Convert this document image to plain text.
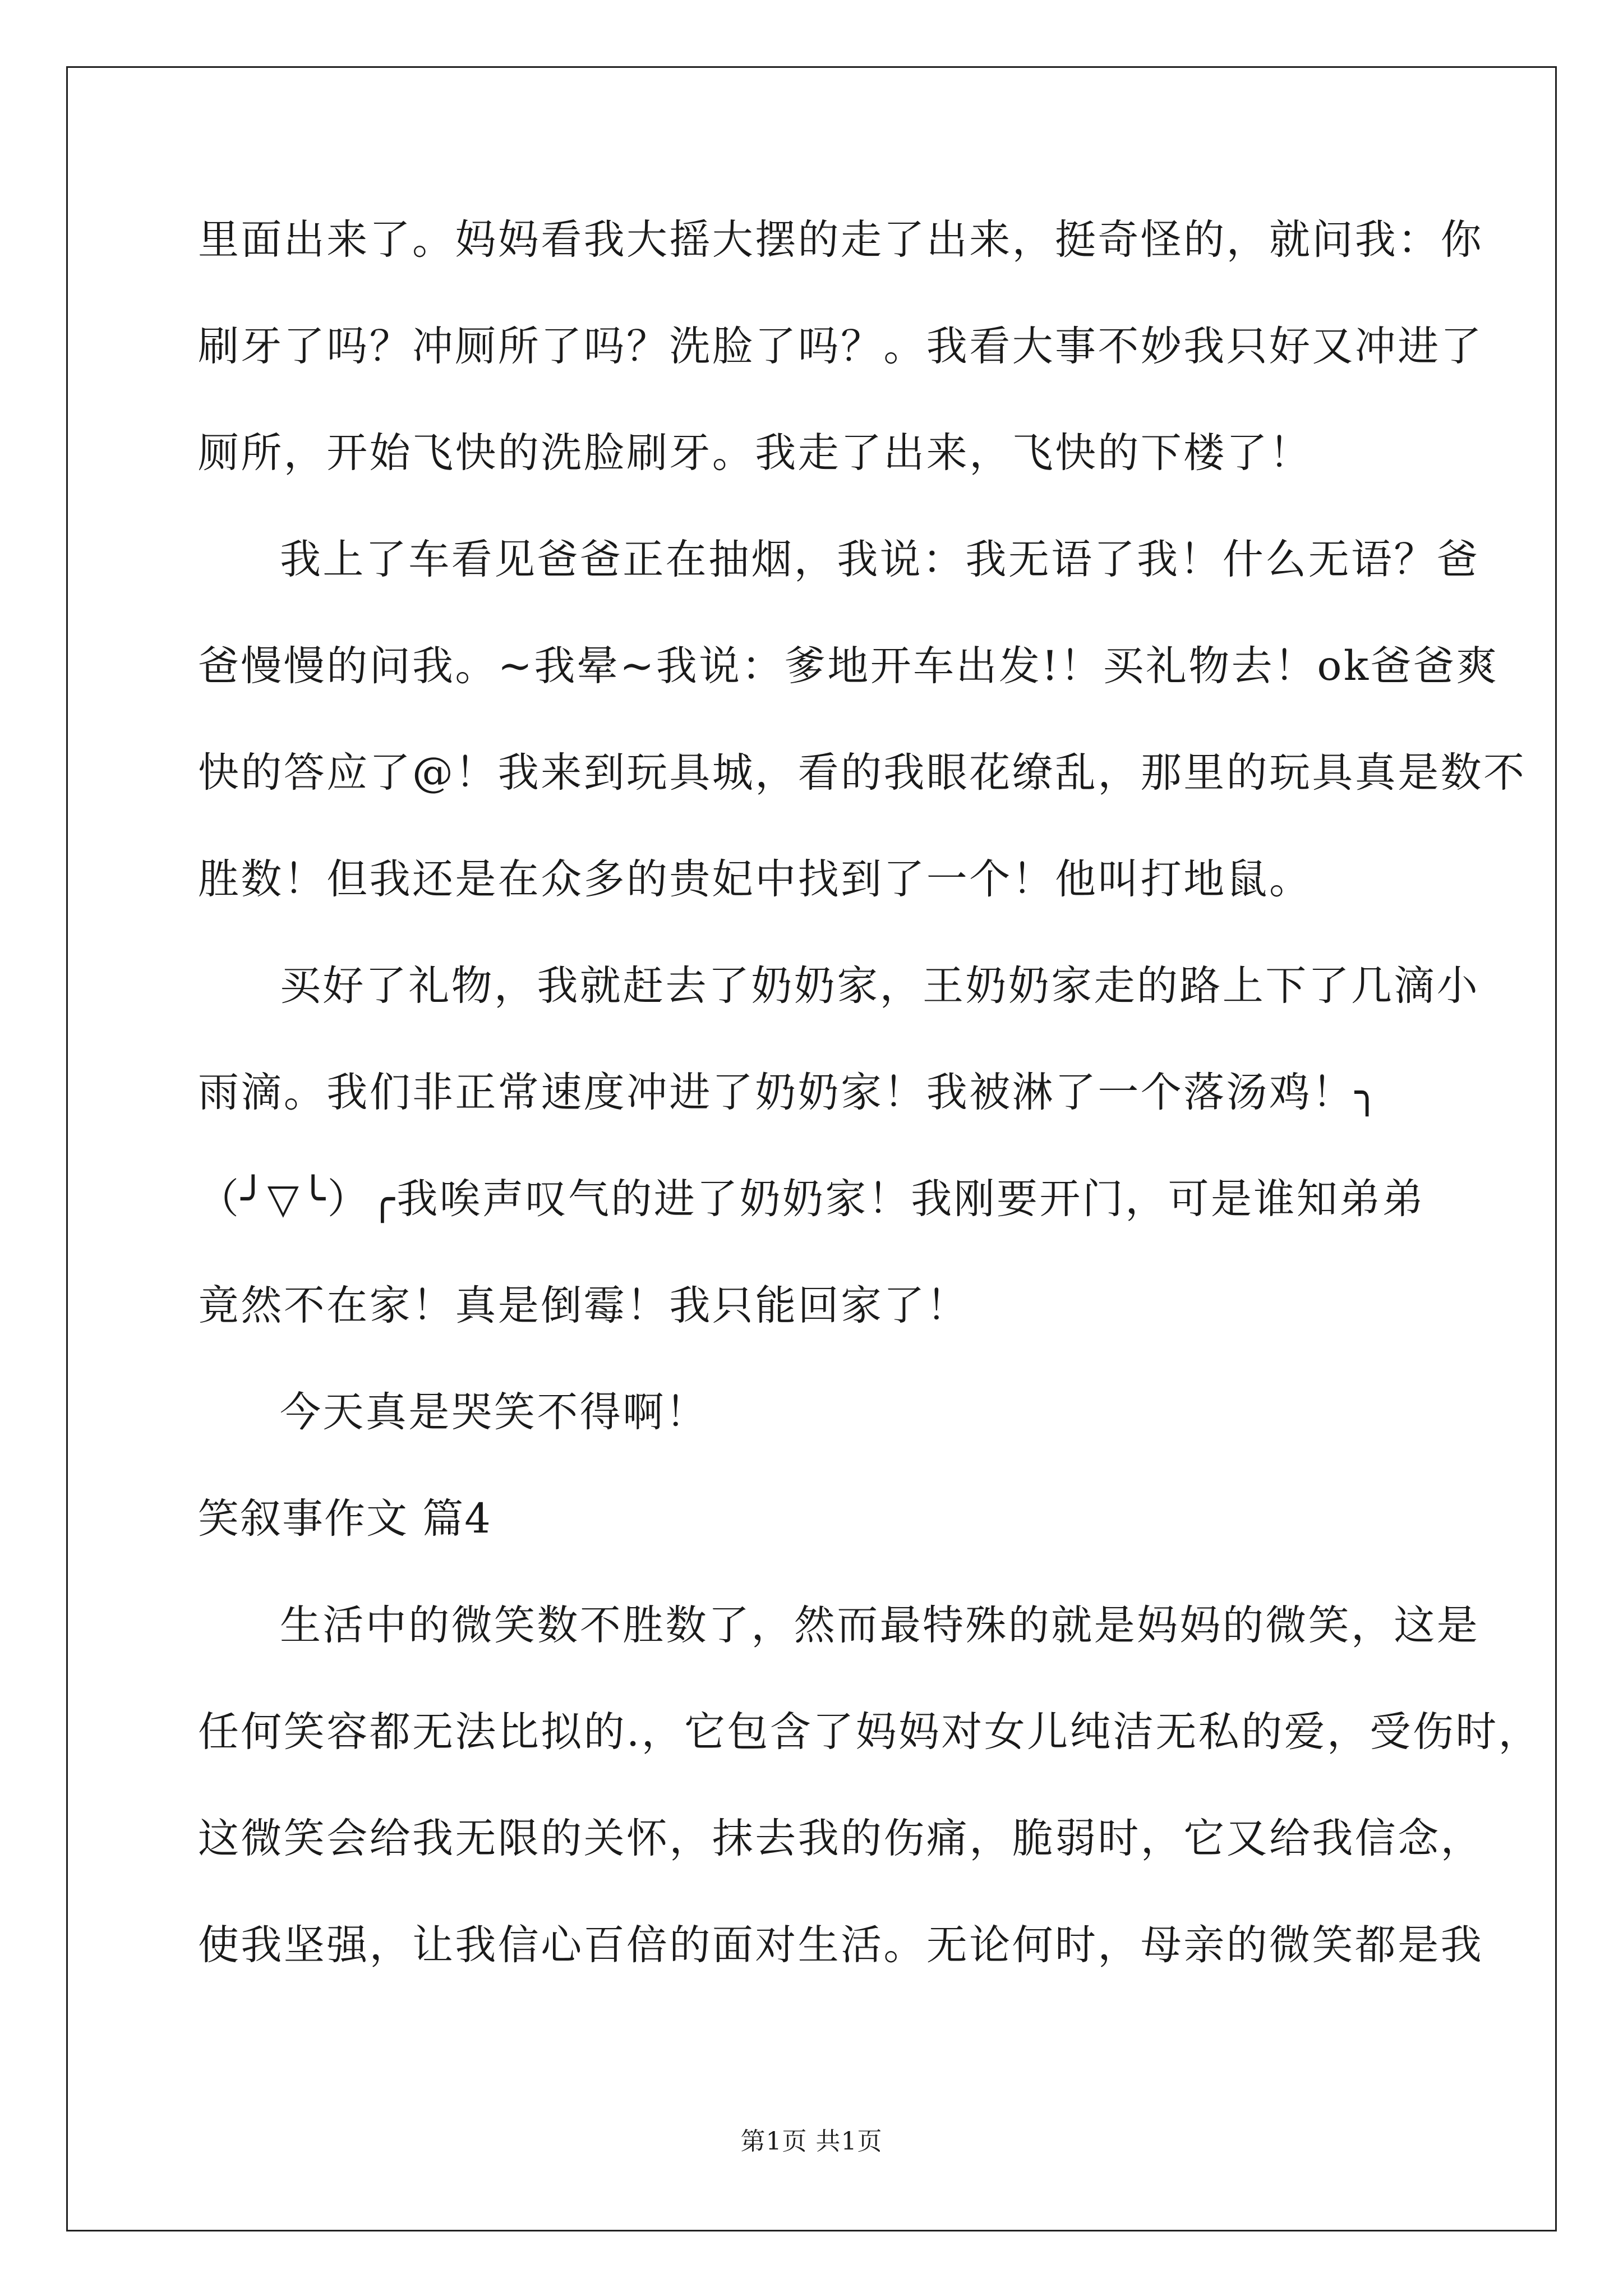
里面出来了。妈妈看我大摇大摆的走了出来，挺奇怪的，就问我：你
刷牙了吗？冲厕所了吗？洗脸了吗？。我看大事不妙我只好又冲进了
厕所，开始飞快的洗脸刷牙。我走了出来，飞快的下楼了！
我上了车看见爸爸正在抽烟，我说：我无语了我！什么无语？爸
爸慢慢的问我。~我晕~我说：爹地开车出发!！买礼物去！ok爸爸爽
快的答应了@！我来到玩具城，看的我眼花缭乱，那里的玩具真是数不
胜数！但我还是在众多的贵妃中找到了一个！他叫打地鼠。
买好了礼物，我就赶去了奶奶家，王奶奶家走的路上下了几滴小
雨滴。我们非正常速度冲进了奶奶家！我被淋了一个落汤鸡！╮
（╯▽╰）╭我唉声叹气的进了奶奶家！我刚要开门，可是谁知弟弟
竟然不在家！真是倒霉！我只能回家了！
今天真是哭笑不得啊！
笑叙事作文 篇4
生活中的微笑数不胜数了，然而最特殊的就是妈妈的微笑，这是
任何笑容都无法比拟的.，它包含了妈妈对女儿纯洁无私的爱，受伤时，
这微笑会给我无限的关怀，抹去我的伤痛，脆弱时，它又给我信念，
使我坚强，让我信心百倍的面对生活。无论何时，母亲的微笑都是我
第1页 共1页
